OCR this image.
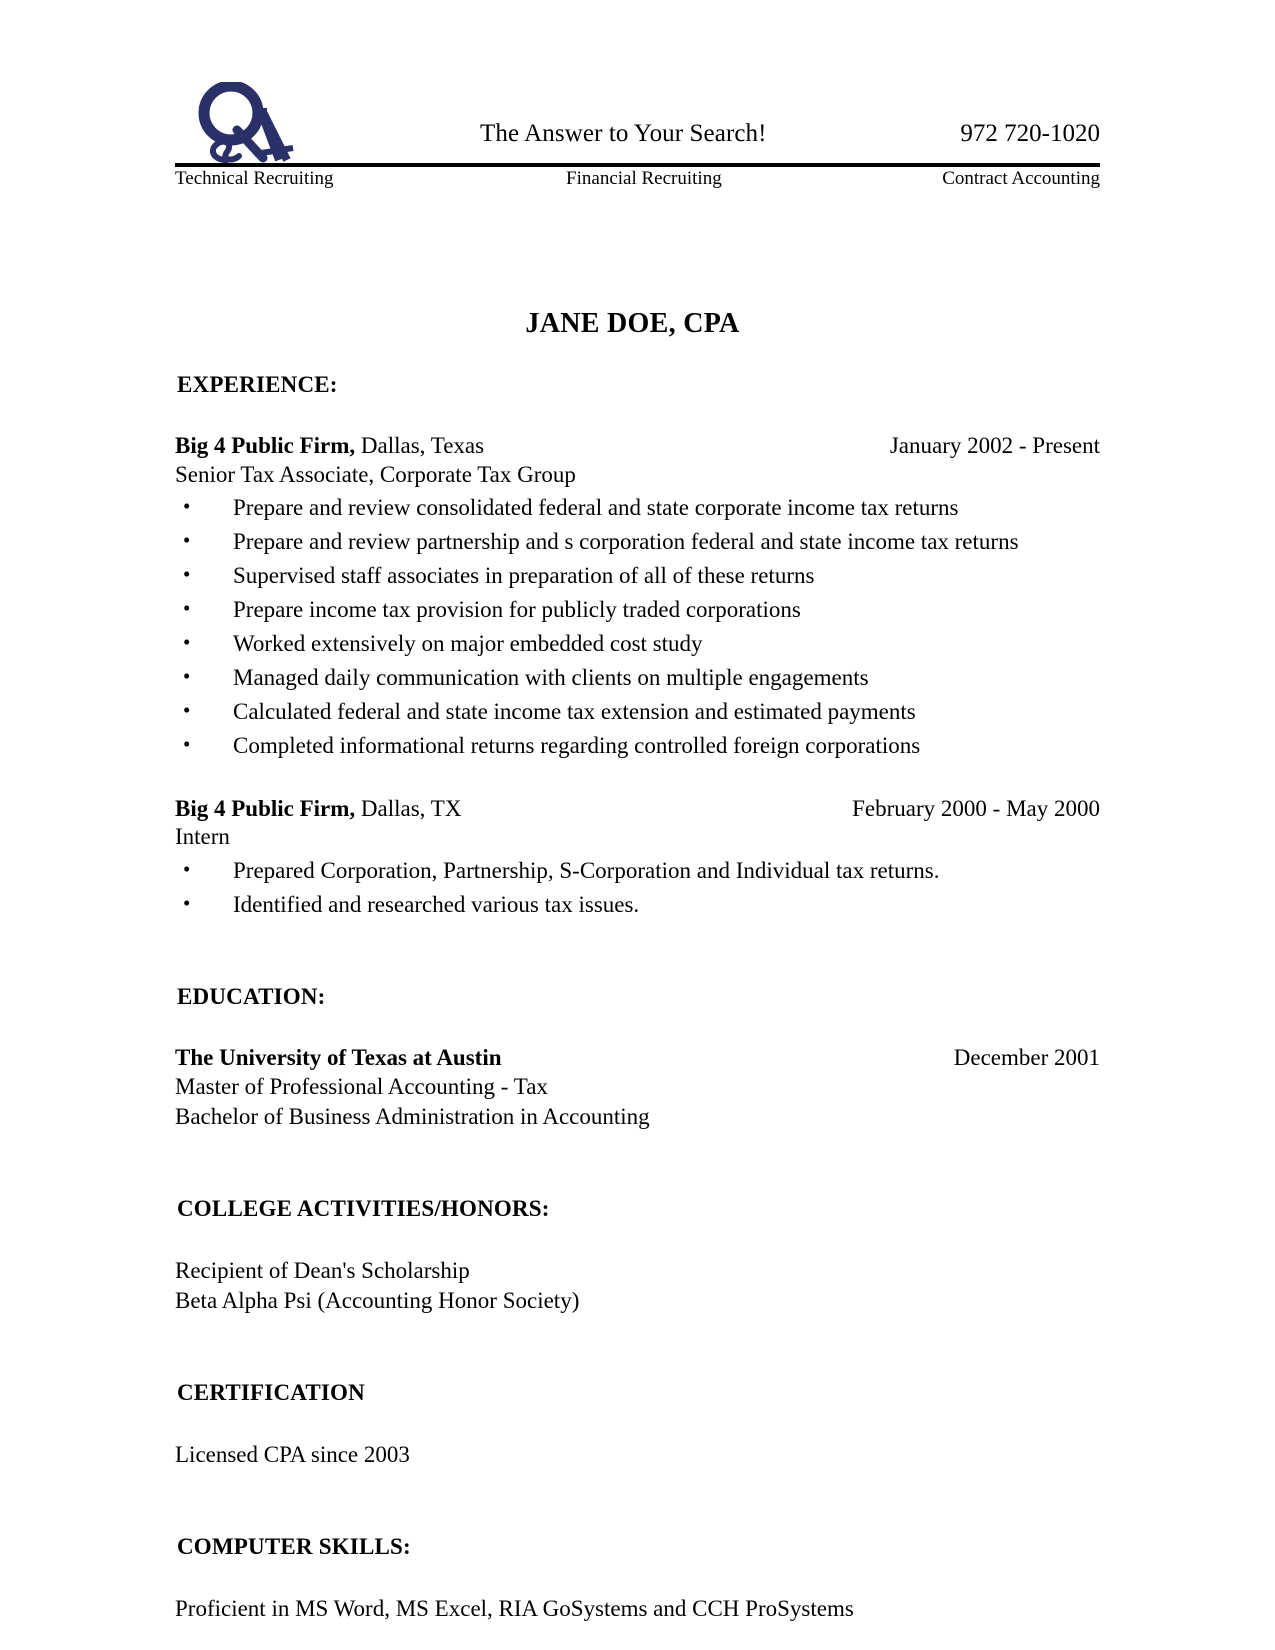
The Answer to Your Search!	972 720-1020
Technical Recruiting	Financial Recruiting	Contract Accounting
JANE DOE, CPA
EXPERIENCE:
Big 4 Public Firm, Dallas, Texas	January 2002 - Present
Senior Tax Associate, Corporate Tax Group
• Prepare and review consolidated federal and state corporate income tax returns
• Prepare and review partnership and s corporation federal and state income tax returns
• Supervised staff associates in preparation of all of these returns
• Prepare income tax provision for publicly traded corporations
• Worked extensively on major embedded cost study
• Managed daily communication with clients on multiple engagements
• Calculated federal and state income tax extension and estimated payments
• Completed informational returns regarding controlled foreign corporations
Big 4 Public Firm, Dallas, TX	February 2000 - May 2000
Intern
• Prepared Corporation, Partnership, S-Corporation and Individual tax returns.
• Identified and researched various tax issues.
EDUCATION:
The University of Texas at Austin	December 2001
Master of Professional Accounting - Tax
Bachelor of Business Administration in Accounting
COLLEGE ACTIVITIES/HONORS:
Recipient of Dean's Scholarship
Beta Alpha Psi (Accounting Honor Society)
CERTIFICATION
Licensed CPA since 2003
COMPUTER SKILLS:
Proficient in MS Word, MS Excel, RIA GoSystems and CCH ProSystems
